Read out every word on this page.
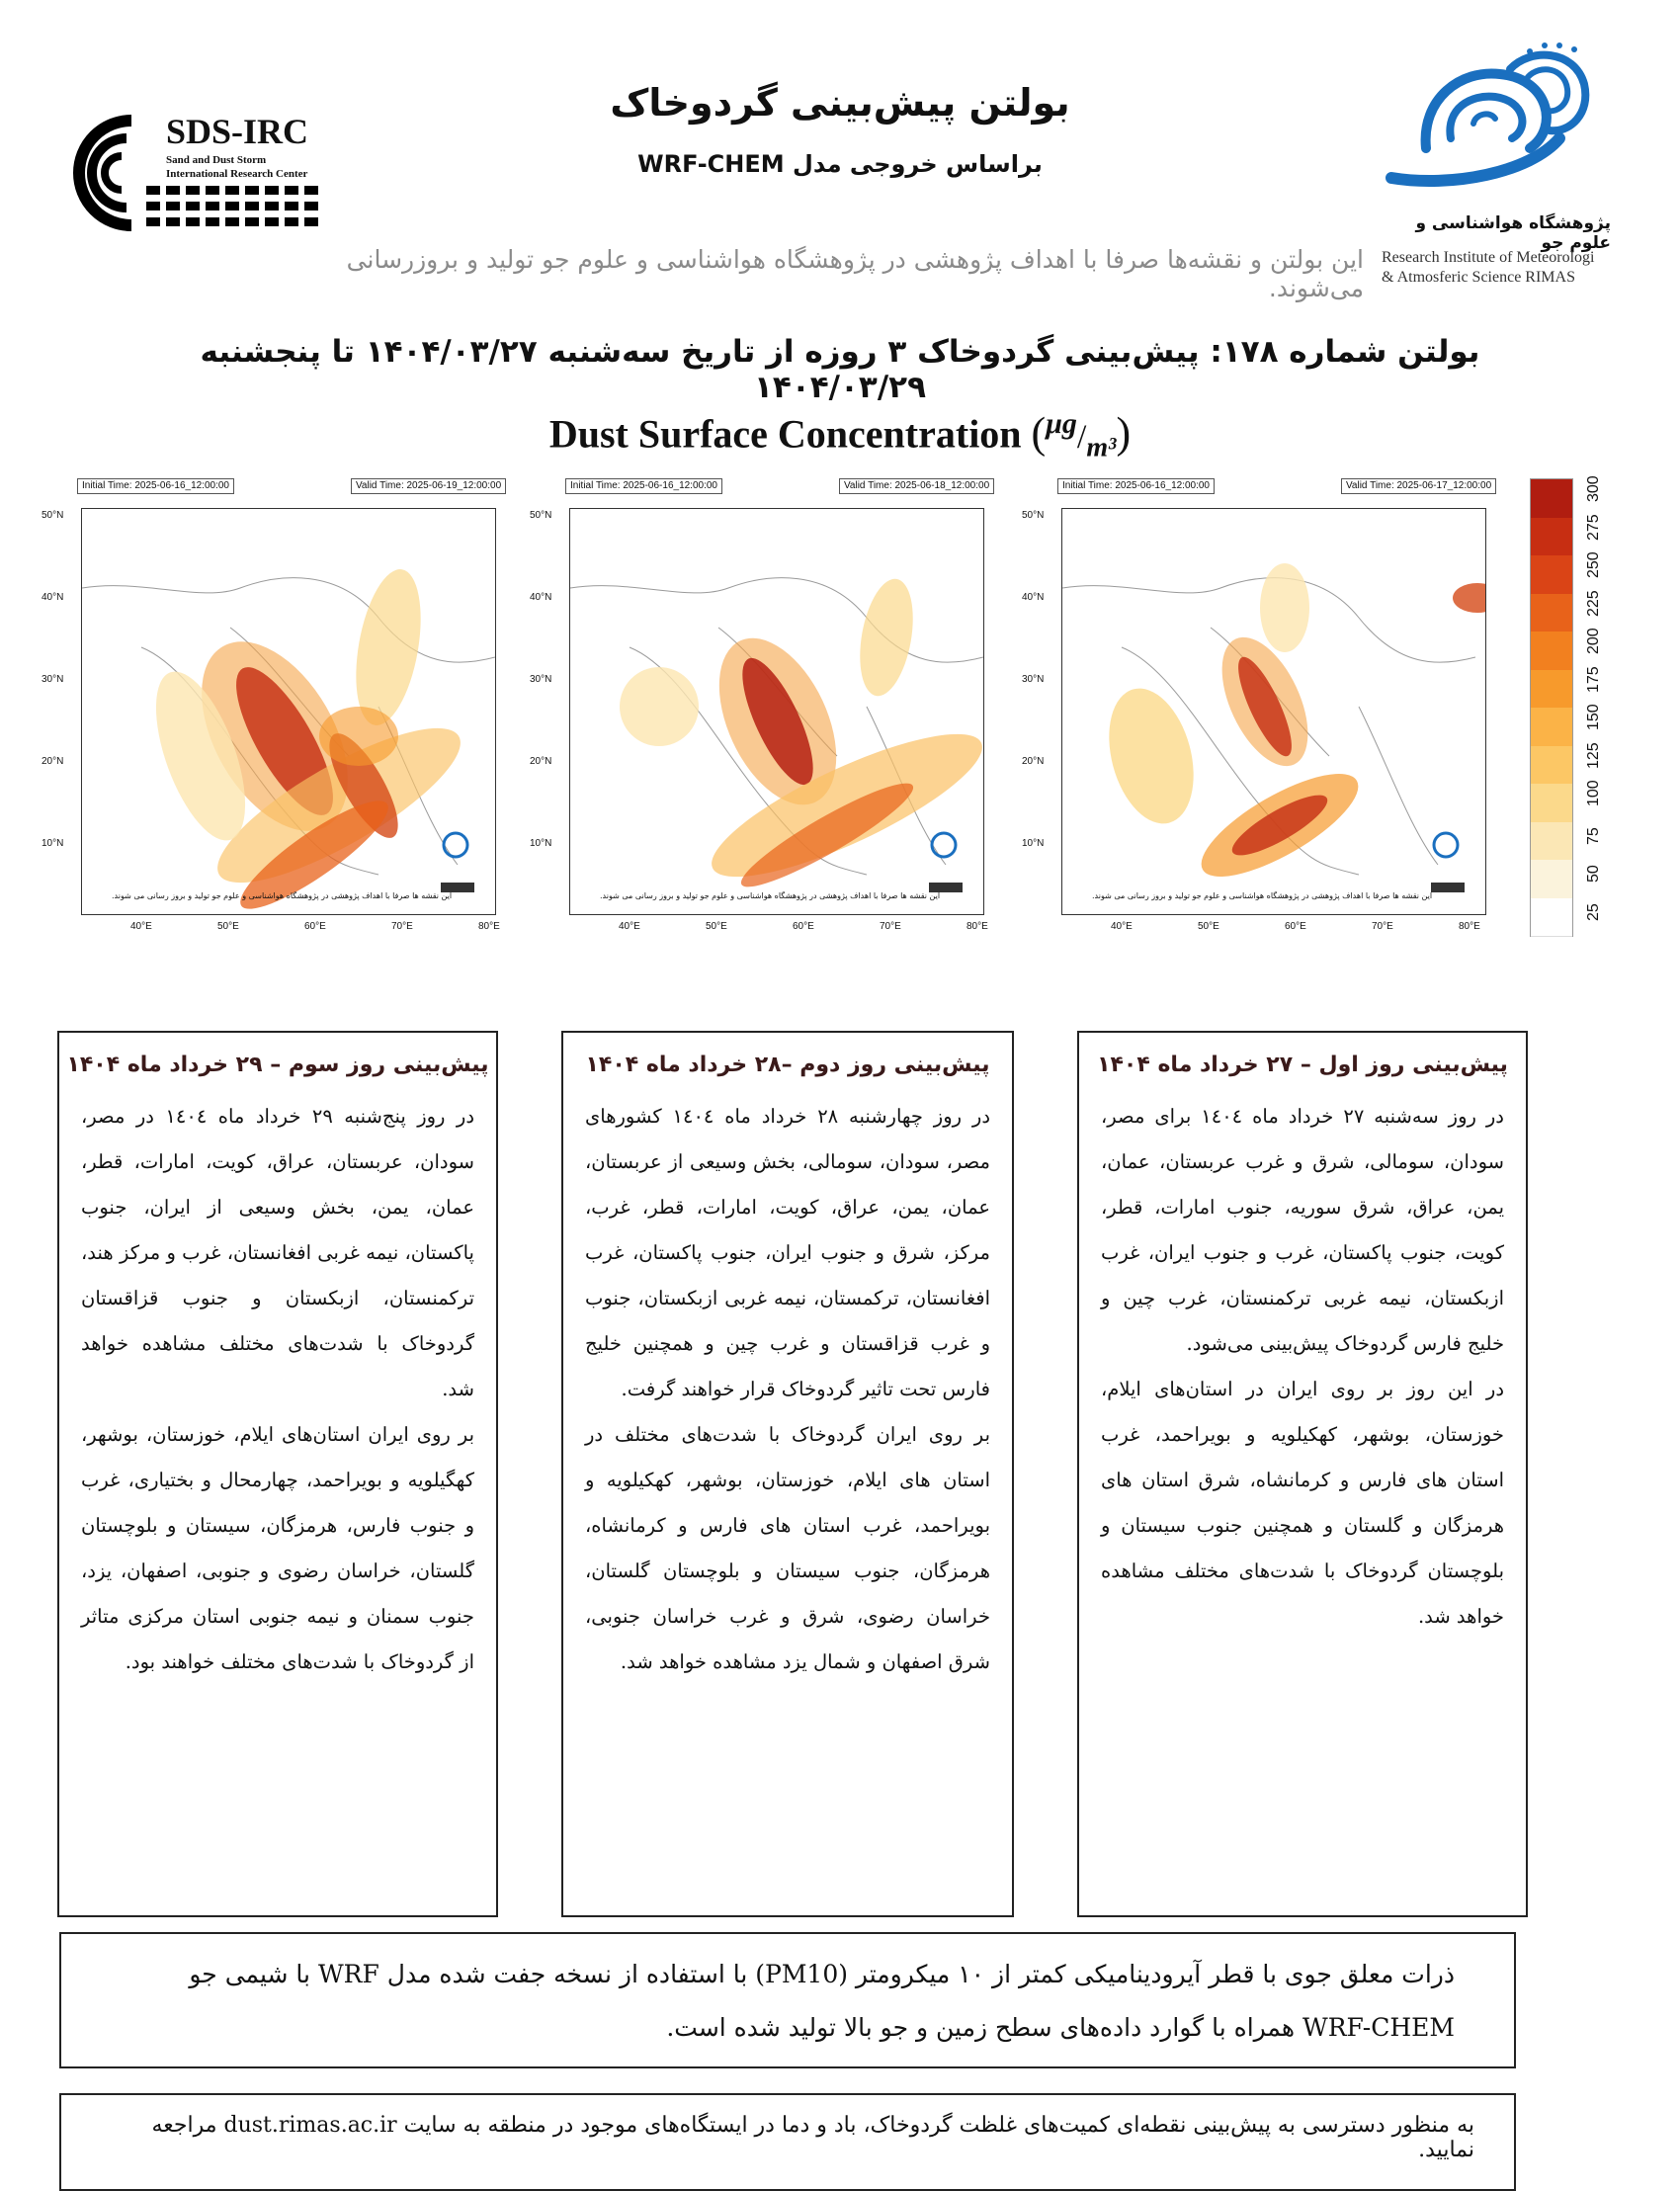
SDS-IRC
Sand and Dust Storm
International Research Center
بولتن پیش‌بینی گردوخاک
براساس خروجی مدل WRF-CHEM
پژوهشگاه هواشناسی و علوم جو
Research Institute of Meteorologi
& Atmosferic Science RIMAS
این بولتن و نقشه‌ها صرفا با اهداف پژوهشی در پژوهشگاه هواشناسی و علوم جو تولید و بروزرسانی می‌شوند.
بولتن شماره ۱۷۸: پیش‌بینی گردوخاک ۳ روزه از تاریخ سه‌شنبه ۱۴۰۴/۰۳/۲۷ تا پنجشنبه ۱۴۰۴/۰۳/۲۹
Dust Surface Concentration $(^{\mu g}/_{m^3})$
Initial Time: 2025-06-16_12:00:00	Valid Time: 2025-06-19_12:00:00
این نقشه ها صرفا با اهداف پژوهشی در پژوهشگاه هواشناسی و علوم جو تولید و بروز رسانی می شوند.
50°N
40°N
30°N
20°N
10°N
40°E	50°E	60°E	70°E	80°E
Initial Time: 2025-06-16_12:00:00	Valid Time: 2025-06-18_12:00:00
این نقشه ها صرفا با اهداف پژوهشی در پژوهشگاه هواشناسی و علوم جو تولید و بروز رسانی می شوند.
50°N
40°N
30°N
20°N
10°N
40°E	50°E	60°E	70°E	80°E
Initial Time: 2025-06-16_12:00:00	Valid Time: 2025-06-17_12:00:00
این نقشه ها صرفا با اهداف پژوهشی در پژوهشگاه هواشناسی و علوم جو تولید و بروز رسانی می شوند.
50°N
40°N
30°N
20°N
10°N
40°E	50°E	60°E	70°E	80°E
25
50
75
100
125
150
175
200
225
250
275
300
پیش‌بینی روز سوم – ۲۹ خرداد ماه ۱۴۰۴

در روز پنج‌شنبه ۲۹ خرداد ماه ۱٤۰٤ در مصر، سودان، عربستان، عراق، کویت، امارات، قطر، عمان، یمن، بخش وسیعی از ایران، جنوب پاکستان، نیمه غربی افغانستان، غرب و مرکز هند، ترکمنستان، ازبکستان و جنوب قزاقستان گردوخاک با شدت‌های مختلف مشاهده خواهد شد.

بر روی ایران استان‌های ایلام، خوزستان، بوشهر، کهگیلویه و بویراحمد، چهارمحال و بختیاری، غرب و جنوب فارس، هرمزگان، سیستان و بلوچستان گلستان، خراسان رضوی و جنوبی، اصفهان، یزد، جنوب سمنان و نیمه جنوبی استان مرکزی متاثر از گردوخاک با شدت‌های مختلف خواهند بود.

پیش‌بینی روز دوم –۲۸ خرداد ماه ۱۴۰۴

در روز چهارشنبه ۲۸ خرداد ماه ۱٤۰٤ کشورهای مصر، سودان، سومالی، بخش وسیعی از عربستان، عمان، یمن، عراق، کویت، امارات، قطر، غرب، مرکز، شرق و جنوب ایران، جنوب پاکستان، غرب افغانستان، ترکمستان، نیمه غربی ازبکستان، جنوب و غرب قزاقستان و غرب چین و همچنین خلیج فارس تحت تاثیر گردوخاک قرار خواهند گرفت.

بر روی ایران گردوخاک با شدت‌های مختلف در استان های ایلام، خوزستان، بوشهر، کهکیلویه و بویراحمد، غرب استان های فارس و کرمانشاه، هرمزگان، جنوب سیستان و بلوچستان گلستان، خراسان رضوی، شرق و غرب خراسان جنوبی، شرق اصفهان و شمال یزد مشاهده خواهد شد.

پیش‌بینی روز اول – ۲۷ خرداد ماه ۱۴۰۴

در روز سه‌شنبه ۲۷ خرداد ماه ۱٤۰٤ برای مصر، سودان، سومالی، شرق و غرب عربستان، عمان، یمن، عراق، شرق سوریه، جنوب امارات، قطر، کویت، جنوب پاکستان، غرب و جنوب ایران، غرب ازبکستان، نیمه غربی ترکمنستان، غرب چین و خلیج فارس گردوخاک پیش‌بینی می‌شود.

در این روز بر روی ایران در استان‌های ایلام، خوزستان، بوشهر، کهکیلویه و بویراحمد، غرب استان های فارس و کرمانشاه، شرق استان های هرمزگان و گلستان و همچنین جنوب سیستان و بلوچستان گردوخاک با شدت‌های مختلف مشاهده خواهد شد.

ذرات معلق جوی با قطر آیرودینامیکی کمتر از ۱۰ میکرومتر (PM10) با استفاده از نسخه جفت شده مدل WRF با شیمی جو WRF-CHEM همراه با گوارد داده‌های سطح زمین و جو بالا تولید شده است.
به منظور دسترسی به پیش‌بینی نقطه‌ای کمیت‌های غلظت گردوخاک، باد و دما در ایستگاه‌های موجود در منطقه به سایت dust.rimas.ac.ir مراجعه نمایید.
